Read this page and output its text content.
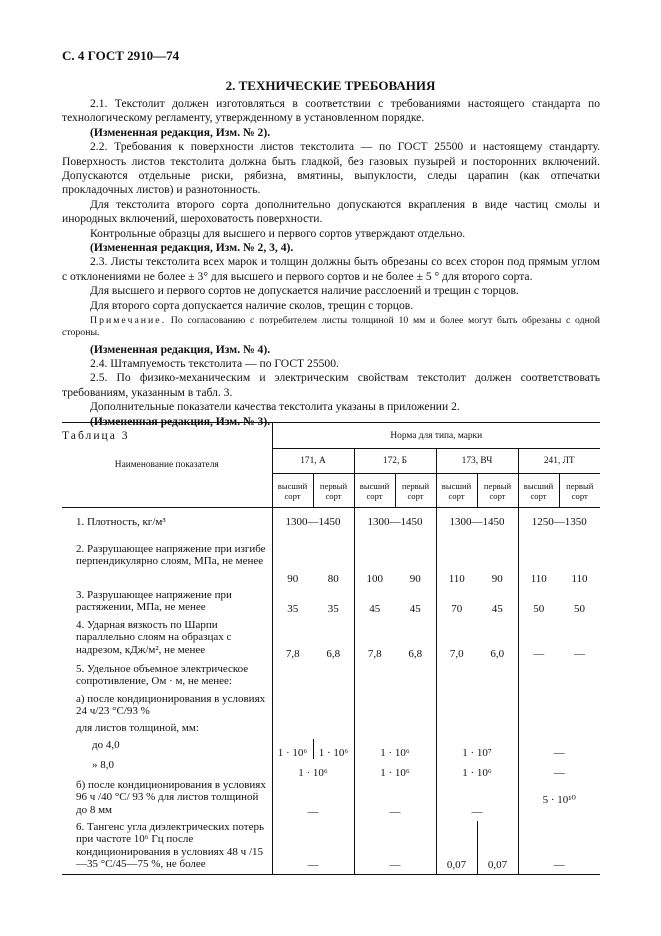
С. 4 ГОСТ 2910—74
2. ТЕХНИЧЕСКИЕ ТРЕБОВАНИЯ

2.1. Текстолит должен изготовляться в соответствии с требованиями настоящего стандарта по технологическому регламенту, утвержденному в установленном порядке.

(Измененная редакция, Изм. № 2).

2.2. Требования к поверхности листов текстолита — по ГОСТ 25500 и настоящему стандарту. Поверхность листов текстолита должна быть гладкой, без газовых пузырей и посторонних включений. Допускаются отдельные риски, рябизна, вмятины, выпуклости, следы царапин (как отпечатки прокладочных листов) и разнотонность.

Для текстолита второго сорта дополнительно допускаются вкрапления в виде частиц смолы и инородных включений, шероховатость поверхности.

Контрольные образцы для высшего и первого сортов утверждают отдельно.

(Измененная редакция, Изм. № 2, 3, 4).

2.3. Листы текстолита всех марок и толщин должны быть обрезаны со всех сторон под прямым углом с отклонениями не более ± 3° для высшего и первого сортов и не более ± 5 ° для второго сорта.

Для высшего и первого сортов не допускается наличие расслоений и трещин с торцов.

Для второго сорта допускается наличие сколов, трещин с торцов.

Примечание. По согласованию с потребителем листы толщиной 10 мм и более могут быть обрезаны с одной стороны.

(Измененная редакция, Изм. № 4).

2.4. Штампуемость текстолита — по ГОСТ 25500.

2.5. По физико-механическим и электрическим свойствам текстолит должен соответствовать требованиям, указанным в табл. 3.

Дополнительные показатели качества текстолита указаны в приложении 2.

(Измененная редакция, Изм. № 3).

Таблица 3

Наименование показателя	Норма для типа, марки							
	171, А		172, Б		173, ВЧ		241, ЛТ	
	высший сорт	первый сорт	высший сорт	первый сорт	высший сорт	первый сорт	высший сорт	первый сорт

1. Плотность, кг/м³	1300—1450		1300—1450		1300—1450		1250—1350	

2. Разрушающее напряжение при изгибе перпендикулярно слоям, МПа, не менее	90	80	100	90	110	90	110	110

3. Разрушающее напряжение при растяжении, МПа, не менее	35	35	45	45	70	45	50	50

4. Ударная вязкость по Шарпи параллельно слоям на образцах с надрезом, кДж/м², не менее	7,8	6,8	7,8	6,8	7,0	6,0	—	—

5. Удельное объемное электрическое сопротивление, Ом · м, не менее:								

а) после кондиционирования в условиях 24 ч/23 °С/93 %								

для листов толщиной, мм:								

до 4,0	1 · 10⁶	1 · 10⁶	1 · 10⁶		1 · 10⁷		—	

» 8,0	1 · 10⁶		1 · 10⁶		1 · 10⁶		—	

б) после кондиционирования в условиях 96 ч /40 °С/ 93 % для листов толщиной до 8 мм	—		—		—		5 · 10¹⁰	

6. Тангенс угла диэлектрических потерь при частоте 10⁶ Гц после кондиционирования в условиях 48 ч /15—35 °С/45—75 %, не более	—		—		0,07	0,07	—	
